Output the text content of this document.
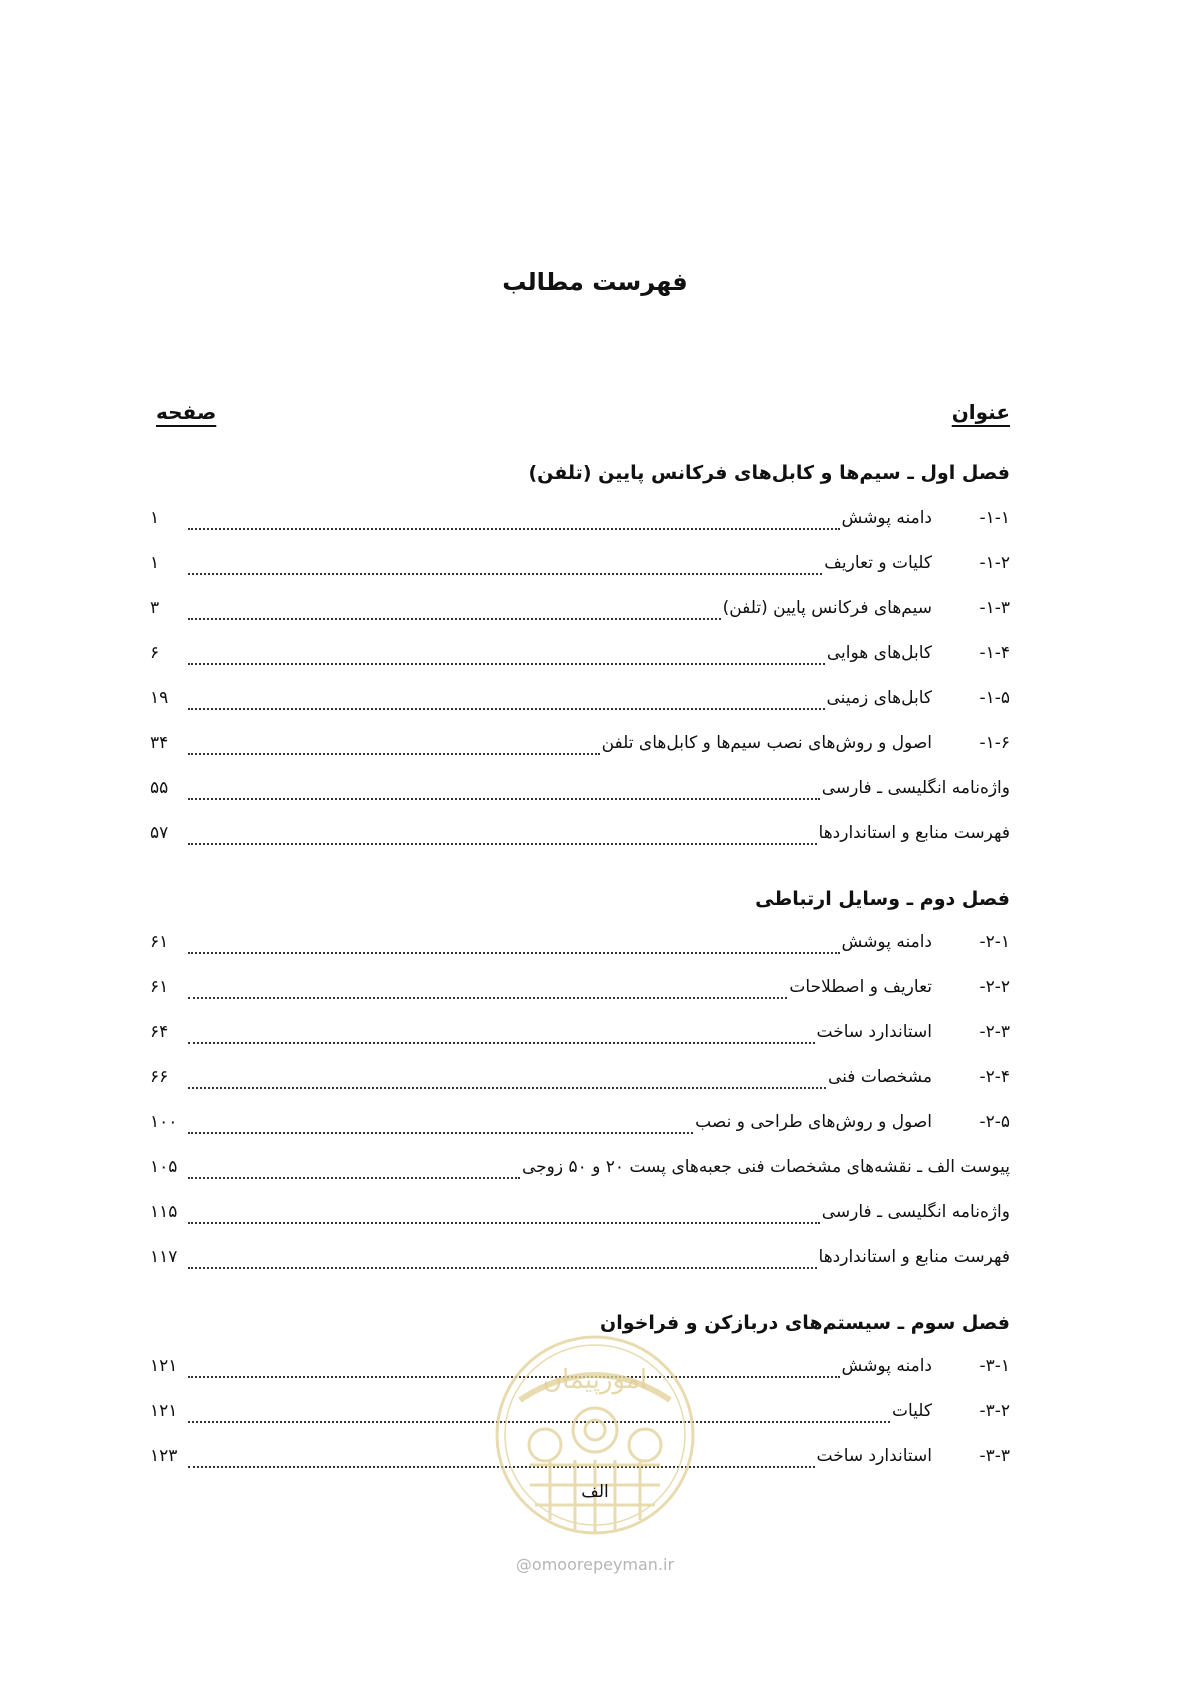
فهرست مطالب
عنوان
صفحه
فصل اول ـ سیم‌ها و کابل‌های فرکانس پایین (تلفن)
۱-۱-
دامنه پوشش
۱
۱-۲-
کلیات و تعاریف
۱
۱-۳-
سیم‌های فرکانس پایین (تلفن)
۳
۱-۴-
کابل‌های هوایی
۶
۱-۵-
کابل‌های زمینی
۱۹
۱-۶-
اصول و روش‌های نصب سیم‌ها و کابل‌های تلفن
۳۴
واژه‌نامه انگلیسی ـ فارسی
۵۵
فهرست منابع و استانداردها
۵۷
فصل دوم ـ وسایل ارتباطی
۲-۱-
دامنه پوشش
۶۱
۲-۲-
تعاریف و اصطلاحات
۶۱
۲-۳-
استاندارد ساخت
۶۴
۲-۴-
مشخصات فنی
۶۶
۲-۵-
اصول و روش‌های طراحی و نصب
۱۰۰
پیوست الف ـ نقشه‌های مشخصات فنی جعبه‌های پست ۲۰ و ۵۰ زوجی
۱۰۵
واژه‌نامه انگلیسی ـ فارسی
۱۱۵
فهرست منابع و استانداردها
۱۱۷
فصل سوم ـ سیستم‌های دربازکن و فراخوان
۳-۱-
دامنه پوشش
۱۲۱
۳-۲-
کلیات
۱۲۱
۳-۳-
استاندارد ساخت
۱۲۳
امورپیمان
الف
@omoorepeyman.ir
